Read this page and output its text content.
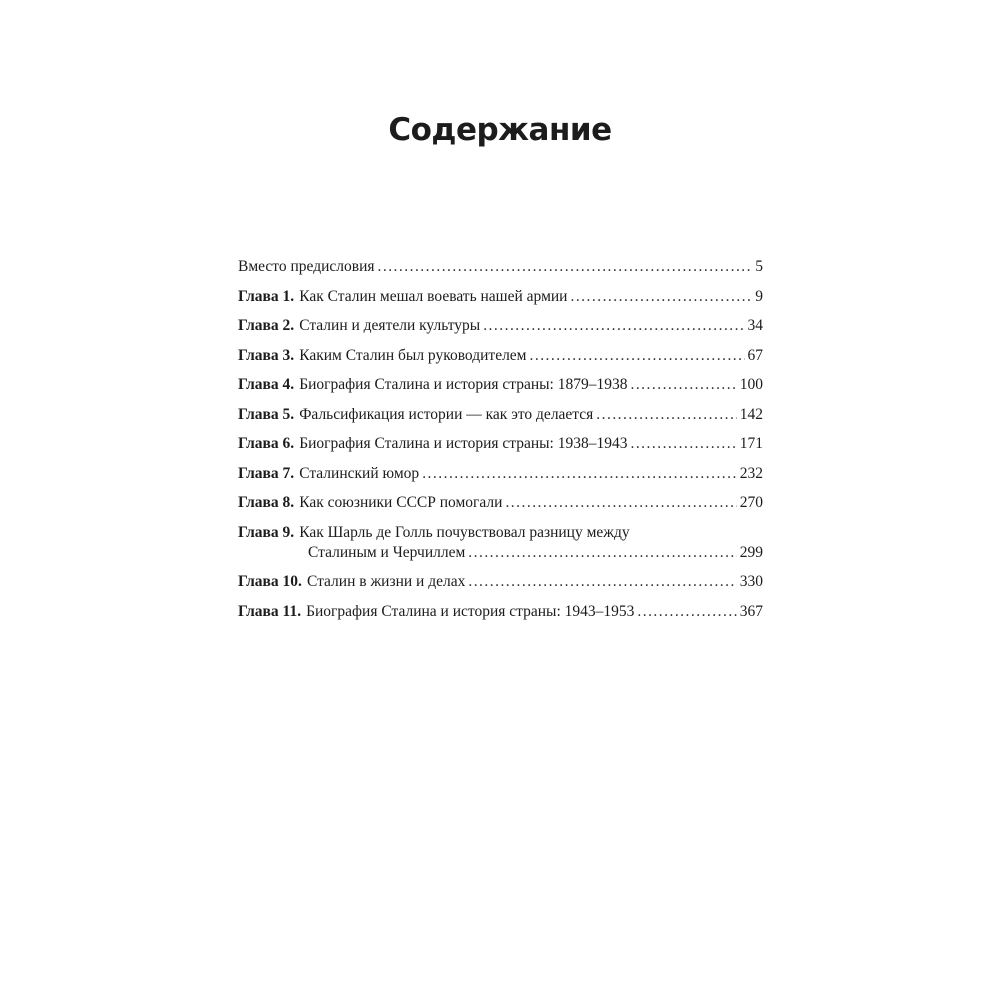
Содержание
Вместо предисловия . . .	5
Глава 1. Как Сталин мешал воевать нашей армии . . .	9
Глава 2. Сталин и деятели культуры . . .	34
Глава 3. Каким Сталин был руководителем . . .	67
Глава 4. Биография Сталина и история страны: 1879–1938 . . .	100
Глава 5. Фальсификация истории — как это делается . . .	142
Глава 6. Биография Сталина и история страны: 1938–1943 . . .	171
Глава 7. Сталинский юмор . . .	232
Глава 8. Как союзники СССР помогали . . .	270
Глава 9. Как Шарль де Голль почувствовал разницу между
Сталиным и Черчиллем . . .	299
Глава 10. Сталин в жизни и делах . . .	330
Глава 11. Биография Сталина и история страны: 1943–1953 . . .	367
